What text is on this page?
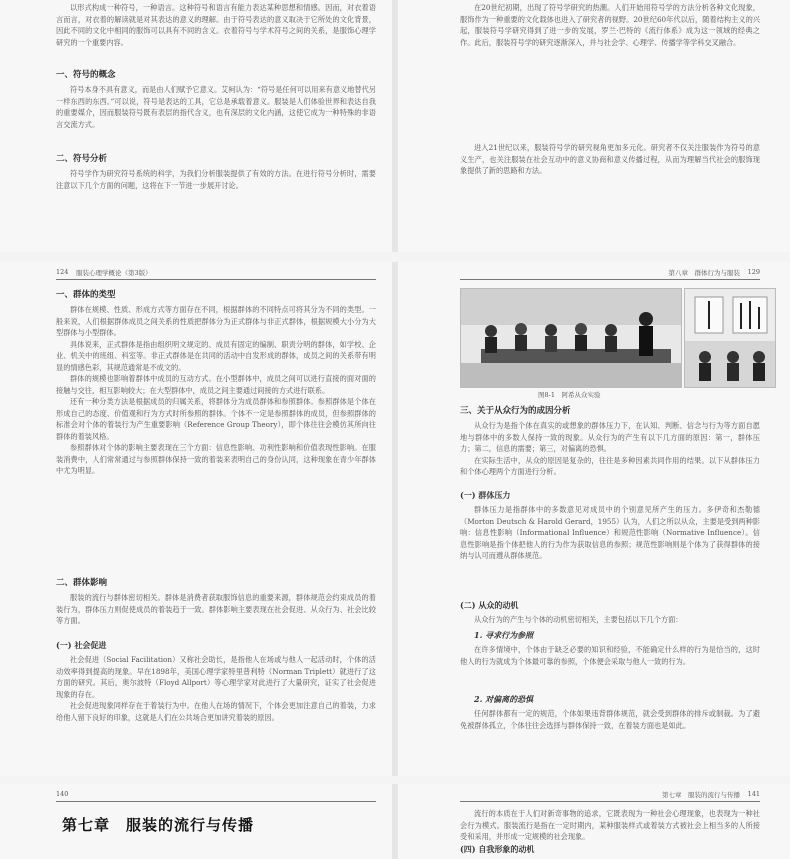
以形式构成一种符号，一种语言。这种符号和语言有能力表达某种思想和情感。因而，对衣着语言而言，对衣着的解读就是对其表达的意义的理解。由于符号表达的意义取决于它所处的文化背景，因此不同的文化中相同的服饰可以具有不同的含义。衣着符号与学术符号之间的关系，是服饰心理学研究的一个重要内容。

一、符号的概念

符号本身不具有意义，而是由人们赋予它意义。艾柯认为：“符号是任何可以用来有意义地替代另一样东西的东西。”可以说，符号是表达的工具，它总是承载着意义。服装是人们体验世界和表达自我的重要媒介，因而服装符号既有表层的指代含义，也有深层的文化内涵，这使它成为一种特殊的非语言交流方式。

二、符号分析

符号学作为研究符号系统的科学，为我们分析服装提供了有效的方法。在进行符号分析时，需要注意以下几个方面的问题，这将在下一节进一步展开讨论。

在20世纪初期，出现了符号学研究的热潮。人们开始用符号学的方法分析各种文化现象，服饰作为一种重要的文化载体也进入了研究者的视野。20世纪60年代以后，随着结构主义的兴起，服装符号学研究得到了进一步的发展，罗兰·巴特的《流行体系》成为这一领域的经典之作。此后，服装符号学的研究逐渐深入，并与社会学、心理学、传播学等学科交叉融合。

进入21世纪以来，服装符号学的研究视角更加多元化。研究者不仅关注服装作为符号的意义生产，也关注服装在社会互动中的意义协商和意义传播过程，从而为理解当代社会的服饰现象提供了新的思路和方法。

124 服装心理学概论（第3版）
一、群体的类型

群体在规模、性质、形成方式等方面存在不同，根据群体的不同特点可将其分为不同的类型。一般来说，人们根据群体成员之间关系的性质把群体分为正式群体与非正式群体，根据规模大小分为大型群体与小型群体。

具体说来，正式群体是指由组织明文规定的、成员有固定的编制、职责分明的群体，如学校、企业、机关中的班组、科室等。非正式群体是在共同的活动中自发形成的群体，成员之间的关系带有明显的情感色彩，其规范通常是不成文的。

群体的规模也影响着群体中成员的互动方式。在小型群体中，成员之间可以进行直接的面对面的接触与交往，相互影响较大；在大型群体中，成员之间主要通过间接的方式进行联系。

还有一种分类方法是根据成员的归属关系，将群体分为成员群体和参照群体。参照群体是个体在形成自己的态度、价值观和行为方式时所参照的群体。个体不一定是参照群体的成员，但参照群体的标准会对个体的着装行为产生重要影响（Reference Group Theory），即个体往往会模仿其所向往群体的着装风格。

参照群体对个体的影响主要表现在三个方面：信息性影响、功利性影响和价值表现性影响。在服装消费中，人们常常通过与参照群体保持一致的着装来表明自己的身份认同，这种现象在青少年群体中尤为明显。

二、群体影响

服装的流行与群体密切相关。群体是消费者获取服饰信息的重要来源，群体规范会约束成员的着装行为，群体压力则促使成员的着装趋于一致。群体影响主要表现在社会促进、从众行为、社会比较等方面。

(一) 社会促进

社会促进（Social Facilitation）又称社会助长，是指他人在场或与他人一起活动时，个体的活动效率得到提高的现象。早在1898年，美国心理学家特里普利特（Norman Triplett）就进行了这方面的研究。其后，奥尔波特（Floyd Allport）等心理学家对此进行了大量研究，证实了社会促进现象的存在。

社会促进现象同样存在于着装行为中。在他人在场的情况下，个体会更加注意自己的着装，力求给他人留下良好的印象，这就是人们在公共场合更加讲究着装的原因。

第八章　群体行为与服装 129
图8-1　阿希从众实验
三、关于从众行为的成因分析

从众行为是指个体在真实的或想象的群体压力下，在认知、判断、信念与行为等方面自愿地与群体中的多数人保持一致的现象。从众行为的产生有以下几方面的原因：第一，群体压力；第二，信息的需要；第三，对偏离的恐惧。

在实际生活中，从众的原因是复杂的，往往是多种因素共同作用的结果。以下从群体压力和个体心理两个方面进行分析。

(一) 群体压力

群体压力是指群体中的多数意见对成员中的个别意见所产生的压力。多伊奇和杰勒德（Morton Deutsch & Harold Gerard，1955）认为，人们之所以从众，主要是受到两种影响：信息性影响（Informational Influence）和规范性影响（Normative Influence）。信息性影响是指个体把他人的行为作为获取信息的参照；规范性影响则是个体为了获得群体的接纳与认可而遵从群体规范。

(二) 从众的动机

从众行为的产生与个体的动机密切相关，主要包括以下几个方面：

1. 寻求行为参照

在许多情境中，个体由于缺乏必要的知识和经验，不能确定什么样的行为是恰当的，这时他人的行为就成为个体最可靠的参照，个体便会采取与他人一致的行为。

2. 对偏离的恐惧

任何群体都有一定的规范，个体如果违背群体规范，就会受到群体的排斥或制裁。为了避免被群体孤立，个体往往会选择与群体保持一致，在着装方面也是如此。

140
第七章　服装的流行与传播
第七章　服装的流行与传播 141

流行的本质在于人们对新奇事物的追求，它既表现为一种社会心理现象，也表现为一种社会行为模式。服装流行是指在一定时期内，某种服装样式或着装方式被社会上相当多的人所接受和采用，并形成一定规模的社会现象。

(四) 自我形象的动机
